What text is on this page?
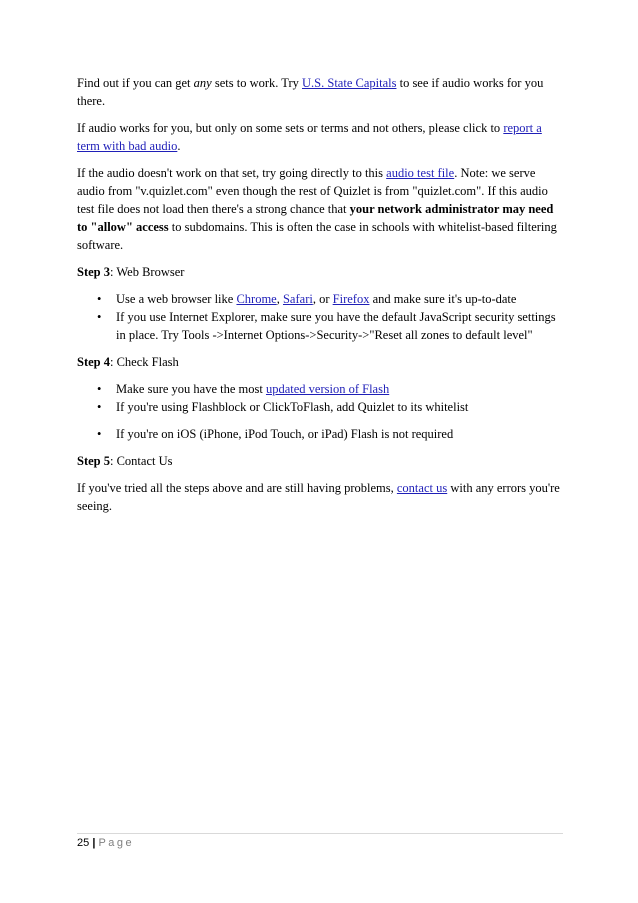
Find out if you can get any sets to work. Try U.S. State Capitals to see if audio works for you there.

If audio works for you, but only on some sets or terms and not others, please click to report a term with bad audio.

If the audio doesn't work on that set, try going directly to this audio test file. Note: we serve audio from "v.quizlet.com" even though the rest of Quizlet is from "quizlet.com". If this audio test file does not load then there's a strong chance that your network administrator may need to "allow" access to subdomains. This is often the case in schools with whitelist-based filtering software.

Step 3: Web Browser

• Use a web browser like Chrome, Safari, or Firefox and make sure it's up-to-date
• If you use Internet Explorer, make sure you have the default JavaScript security settings in place. Try Tools ->Internet Options->Security->"Reset all zones to default level"

Step 4: Check Flash

• Make sure you have the most updated version of Flash
• If you're using Flashblock or ClickToFlash, add Quizlet to its whitelist
• If you're on iOS (iPhone, iPod Touch, or iPad) Flash is not required

Step 5: Contact Us

If you've tried all the steps above and are still having problems, contact us with any errors you're seeing.

25 | Page
